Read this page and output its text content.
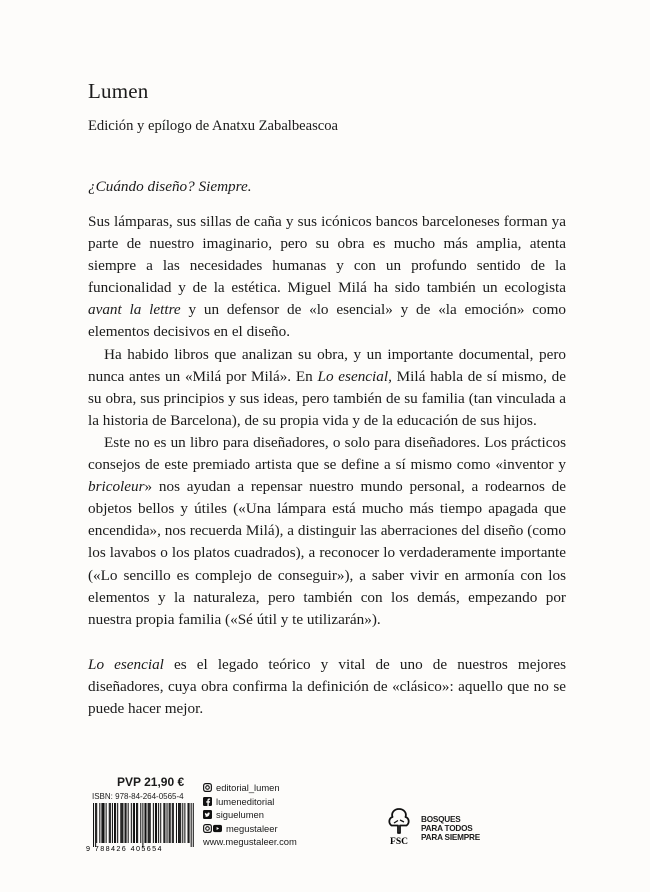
Lumen
Edición y epílogo de Anatxu Zabalbeascoa
¿Cuándo diseño? Siempre.

Sus lámparas, sus sillas de caña y sus icónicos bancos barceloneses forman ya parte de nuestro imaginario, pero su obra es mucho más amplia, atenta siempre a las necesidades humanas y con un profundo sentido de la funcionalidad y de la estética. Miguel Milá ha sido también un ecologista avant la lettre y un defensor de «lo esencial» y de «la emoción» como elementos decisivos en el diseño.

Ha habido libros que analizan su obra, y un importante documental, pero nunca antes un «Milá por Milá». En Lo esencial, Milá habla de sí mismo, de su obra, sus principios y sus ideas, pero también de su familia (tan vinculada a la historia de Barcelona), de su propia vida y de la educación de sus hijos.

Este no es un libro para diseñadores, o solo para diseñadores. Los prácticos consejos de este premiado artista que se define a sí mismo como «inventor y bricoleur» nos ayudan a repensar nuestro mundo personal, a rodearnos de objetos bellos y útiles («Una lámpara está mucho más tiempo apagada que encendida», nos recuerda Milá), a distinguir las aberraciones del diseño (como los lavabos o los platos cuadrados), a reconocer lo verdaderamente importante («Lo sencillo es complejo de conseguir»), a saber vivir en armonía con los elementos y la naturaleza, pero también con los demás, empezando por nuestra propia familia («Sé útil y te utilizarán»).

Lo esencial es el legado teórico y vital de uno de nuestros mejores diseñadores, cuya obra confirma la definición de «clásico»: aquello que no se puede hacer mejor.

PVP 21,90 €
ISBN: 978-84-264-0565-4
9 788426 405654
editorial_lumen
lumeneditorial
siguelumen
megustaleer
www.megustaleer.com	FSC
BOSQUES
PARA TODOS
PARA SIEMPRE
